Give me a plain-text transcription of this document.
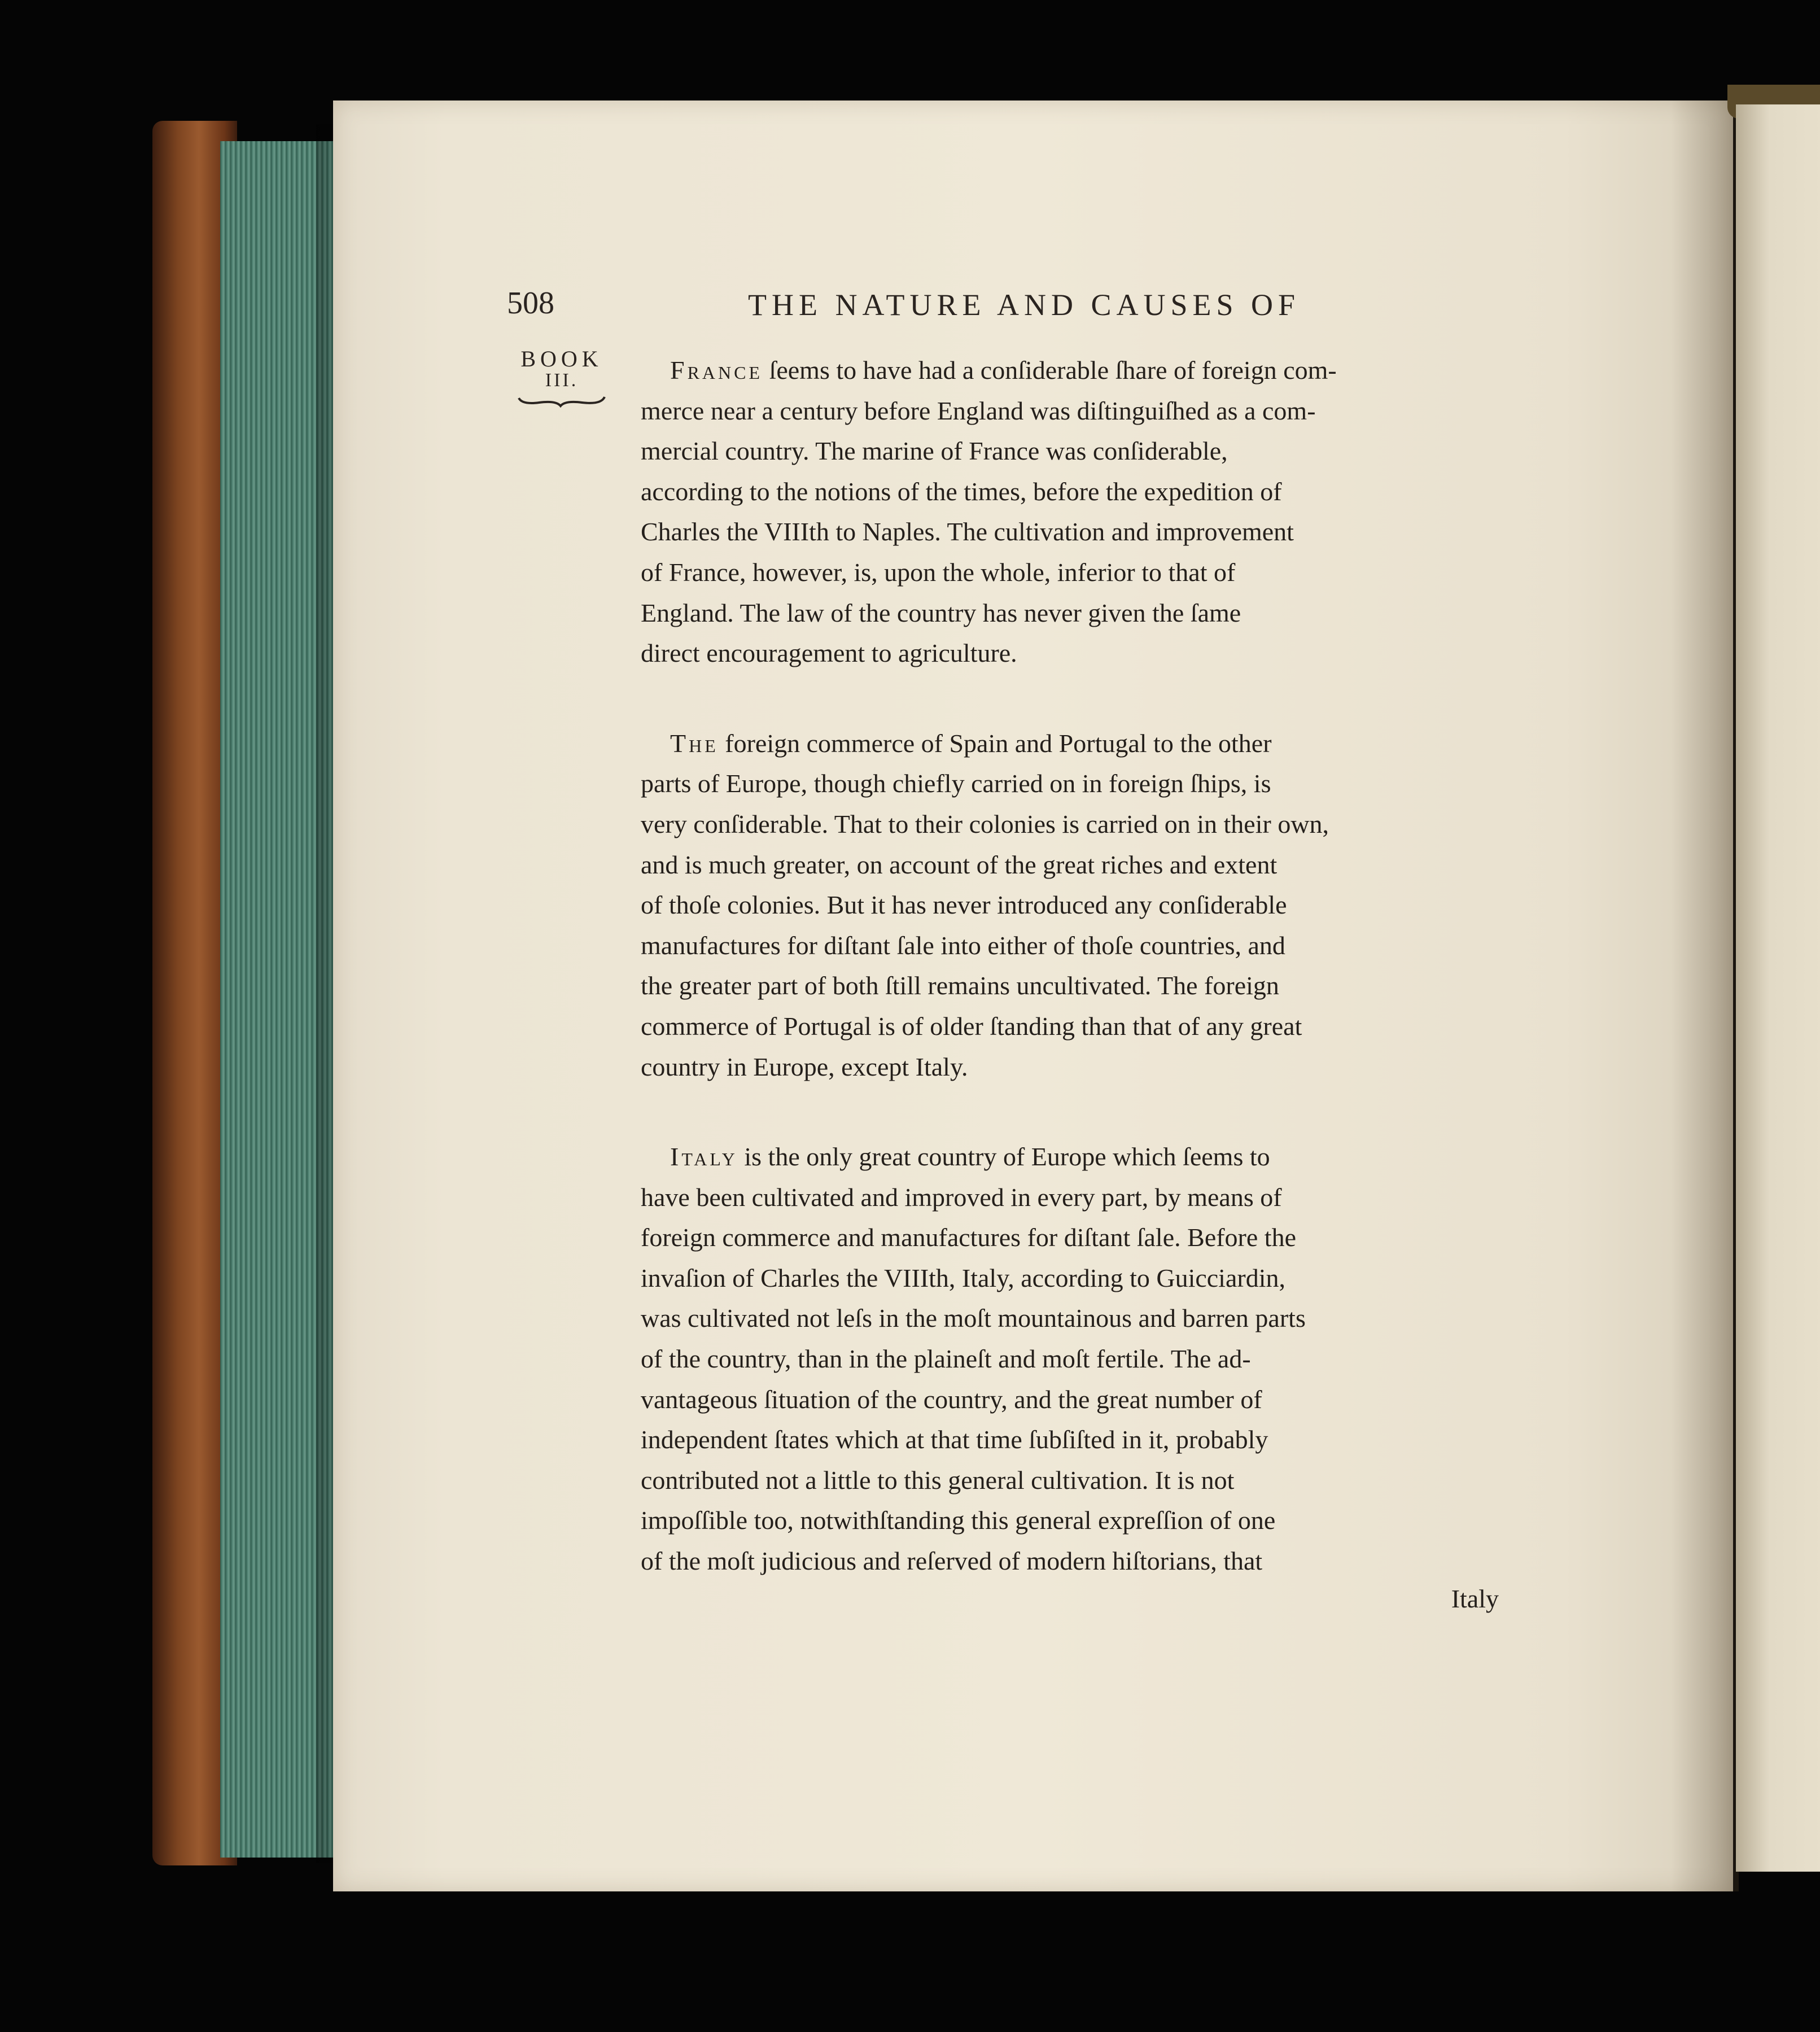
508	THE NATURE AND CAUSES OF
BOOK
III.	France ſeems to have had a conſiderable ſhare of foreign com-
merce near a century before England was diſtinguiſhed as a com-
mercial country. The marine of France was conſiderable,
according to the notions of the times, before the expedition of
Charles the VIIIth to Naples. The cultivation and improvement
of France, however, is, upon the whole, inferior to that of
England. The law of the country has never given the ſame
direct encouragement to agriculture.

The foreign commerce of Spain and Portugal to the other
parts of Europe, though chiefly carried on in foreign ſhips, is
very conſiderable. That to their colonies is carried on in their own,
and is much greater, on account of the great riches and extent
of thoſe colonies. But it has never introduced any conſiderable
manufactures for diſtant ſale into either of thoſe countries, and
the greater part of both ſtill remains uncultivated. The foreign
commerce of Portugal is of older ſtanding than that of any great
country in Europe, except Italy.

Italy is the only great country of Europe which ſeems to
have been cultivated and improved in every part, by means of
foreign commerce and manufactures for diſtant ſale. Before the
invaſion of Charles the VIIIth, Italy, according to Guicciardin,
was cultivated not leſs in the moſt mountainous and barren parts
of the country, than in the plaineſt and moſt fertile. The ad-
vantageous ſituation of the country, and the great number of
independent ſtates which at that time ſubſiſted in it, probably
contributed not a little to this general cultivation. It is not
impoſſible too, notwithſtanding this general expreſſion of one
of the moſt judicious and reſerved of modern hiſtorians, that

Italy
